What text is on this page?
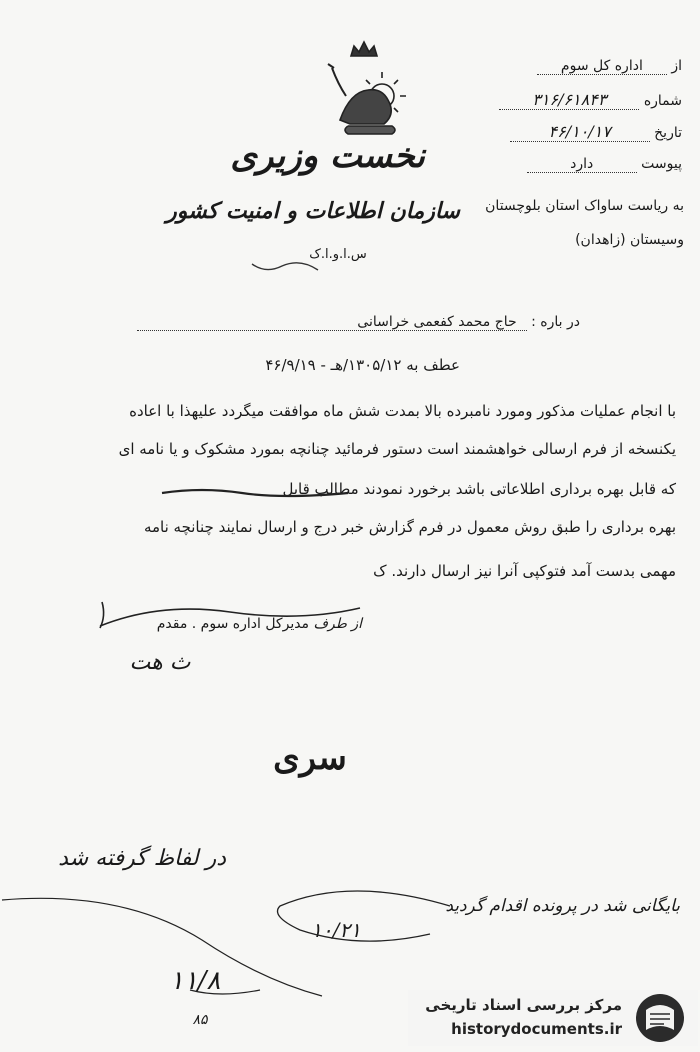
نخست وزیری
سازمان اطلاعات و امنیت کشور
س.ا.و.ا.ک
از اداره کل سوم
شماره ۳۱۶/۶۱۸۴۳
تاریخ ۴۶/۱۰/۱۷
پیوست دارد
به ریاست ساواک استان بلوچستان
وسیستان (زاهدان)
در باره : حاج محمد کفعمی خراسانی
عطف به ۱۳۰۵/۱۲/هـ - ۴۶/۹/۱۹
با انجام عملیات مذکور ومورد نامبرده بالا بمدت شش ماه موافقت میگردد علیهذا با اعاده
یکنسخه از فرم ارسالی خواهشمند است دستور فرمائید چنانچه بمورد مشکوک و یا نامه ای
که قابل بهره برداری اطلاعاتی باشد برخورد نمودند مطالب قابل
بهره برداری را طبق روش معمول در فرم گزارش خبر درج و ارسال نمایند چنانچه نامه
مهمی بدست آمد فتوکپی آنرا نیز ارسال دارند. ک
از طرف مدیرکل اداره سوم . مقدم
ث هت
سری
در لفاظ گرفته شد
بایگانی شد در پرونده اقدام گردید
۱۰/۲۱
۱۱/۸
۸۵
مرکز بررسی اسناد تاریخی
historydocuments.ir
